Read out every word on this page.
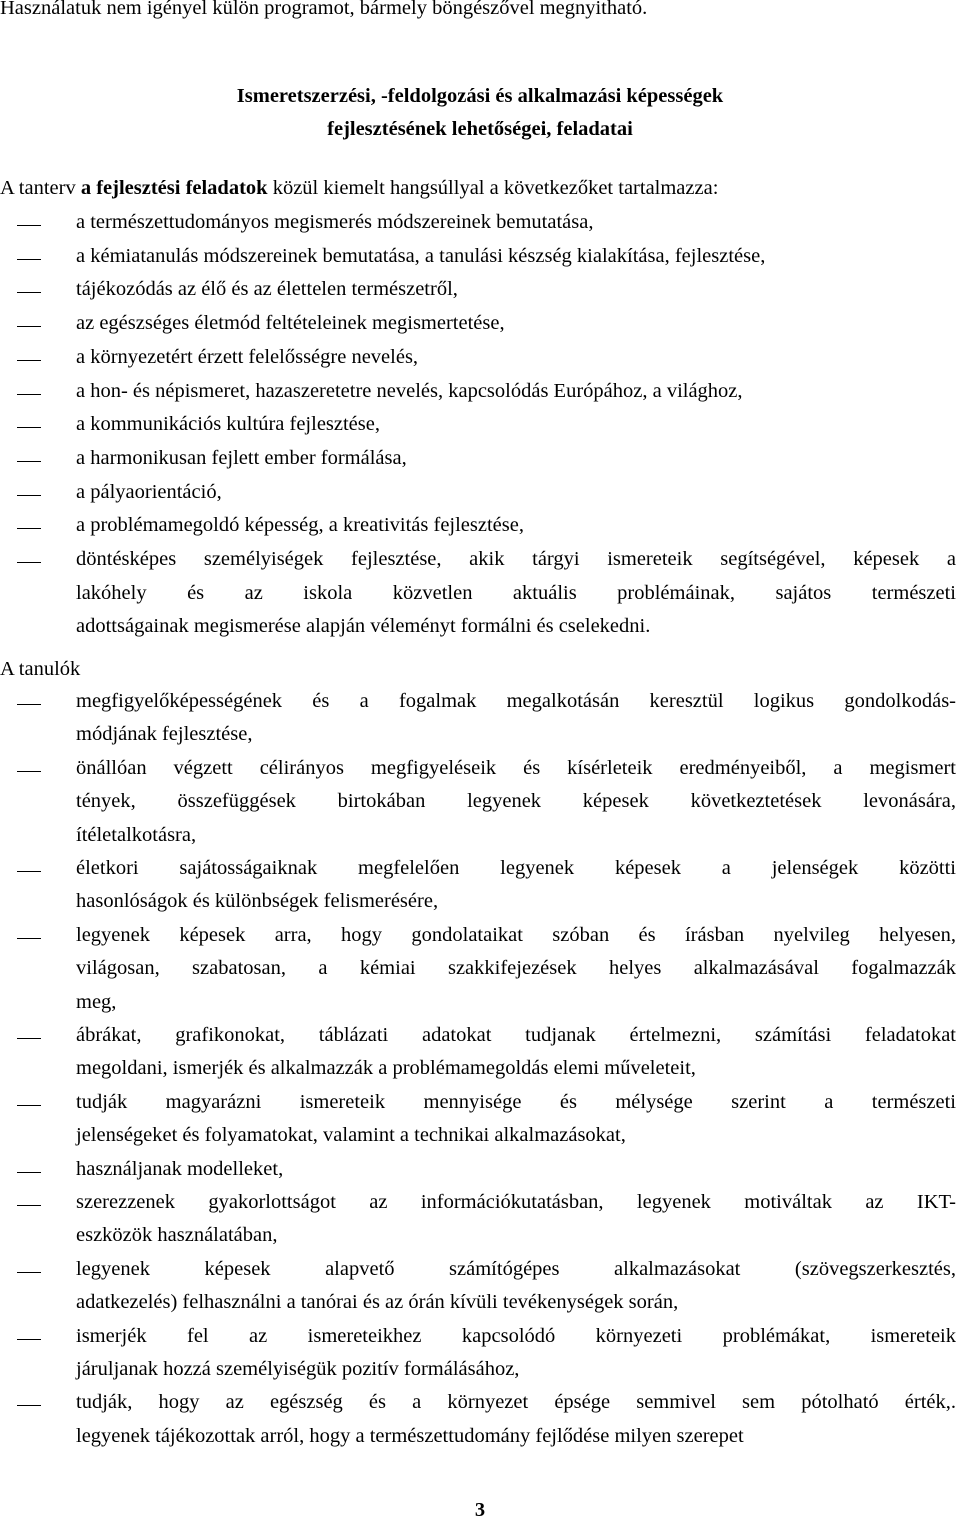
Használatuk nem igényel külön programot, bármely böngészővel megnyitható.
Ismeretszerzési, -feldolgozási és alkalmazási képességek
fejlesztésének lehetőségei, feladatai
A tanterv a fejlesztési feladatok közül kiemelt hangsúllyal a következőket tartalmazza:
a természettudományos megismerés módszereinek bemutatása,
a kémiatanulás módszereinek bemutatása, a tanulási készség kialakítása, fejlesztése,
tájékozódás az élő és az élettelen természetről,
az egészséges életmód feltételeinek megismertetése,
a környezetért érzett felelősségre nevelés,
a hon- és népismeret, hazaszeretetre nevelés, kapcsolódás Európához, a világhoz,
a kommunikációs kultúra fejlesztése,
a harmonikusan fejlett ember formálása,
a pályaorientáció,
a problémamegoldó képesség, a kreativitás fejlesztése,
döntésképes személyiségek fejlesztése, akik tárgyi ismereteik segítségével, képesek a
lakóhely és az iskola közvetlen aktuális problémáinak, sajátos természeti
adottságainak megismerése alapján véleményt formálni és cselekedni.
A tanulók
megfigyelőképességének és a fogalmak megalkotásán keresztül logikus gondolkodás-
módjának fejlesztése,
önállóan végzett célirányos megfigyeléseik és kísérleteik eredményeiből, a megismert
tények, összefüggések birtokában legyenek képesek következtetések levonására,
ítéletalkotásra,
életkori sajátosságaiknak megfelelően legyenek képesek a jelenségek közötti
hasonlóságok és különbségek felismerésére,
legyenek képesek arra, hogy gondolataikat szóban és írásban nyelvileg helyesen,
világosan, szabatosan, a kémiai szakkifejezések helyes alkalmazásával fogalmazzák
meg,
ábrákat, grafikonokat, táblázati adatokat tudjanak értelmezni, számítási feladatokat
megoldani, ismerjék és alkalmazzák a problémamegoldás elemi műveleteit,
tudják magyarázni ismereteik mennyisége és mélysége szerint a természeti
jelenségeket és folyamatokat, valamint a technikai alkalmazásokat,
használjanak modelleket,
szerezzenek gyakorlottságot az információkutatásban, legyenek motiváltak az IKT-
eszközök használatában,
legyenek képesek alapvető számítógépes alkalmazásokat (szövegszerkesztés,
adatkezelés) felhasználni a tanórai és az órán kívüli tevékenységek során,
ismerjék fel az ismereteikhez kapcsolódó környezeti problémákat, ismereteik
járuljanak hozzá személyiségük pozitív formálásához,
tudják, hogy az egészség és a környezet épsége semmivel sem pótolható érték,.
legyenek tájékozottak arról, hogy a természettudomány fejlődése milyen szerepet
3
